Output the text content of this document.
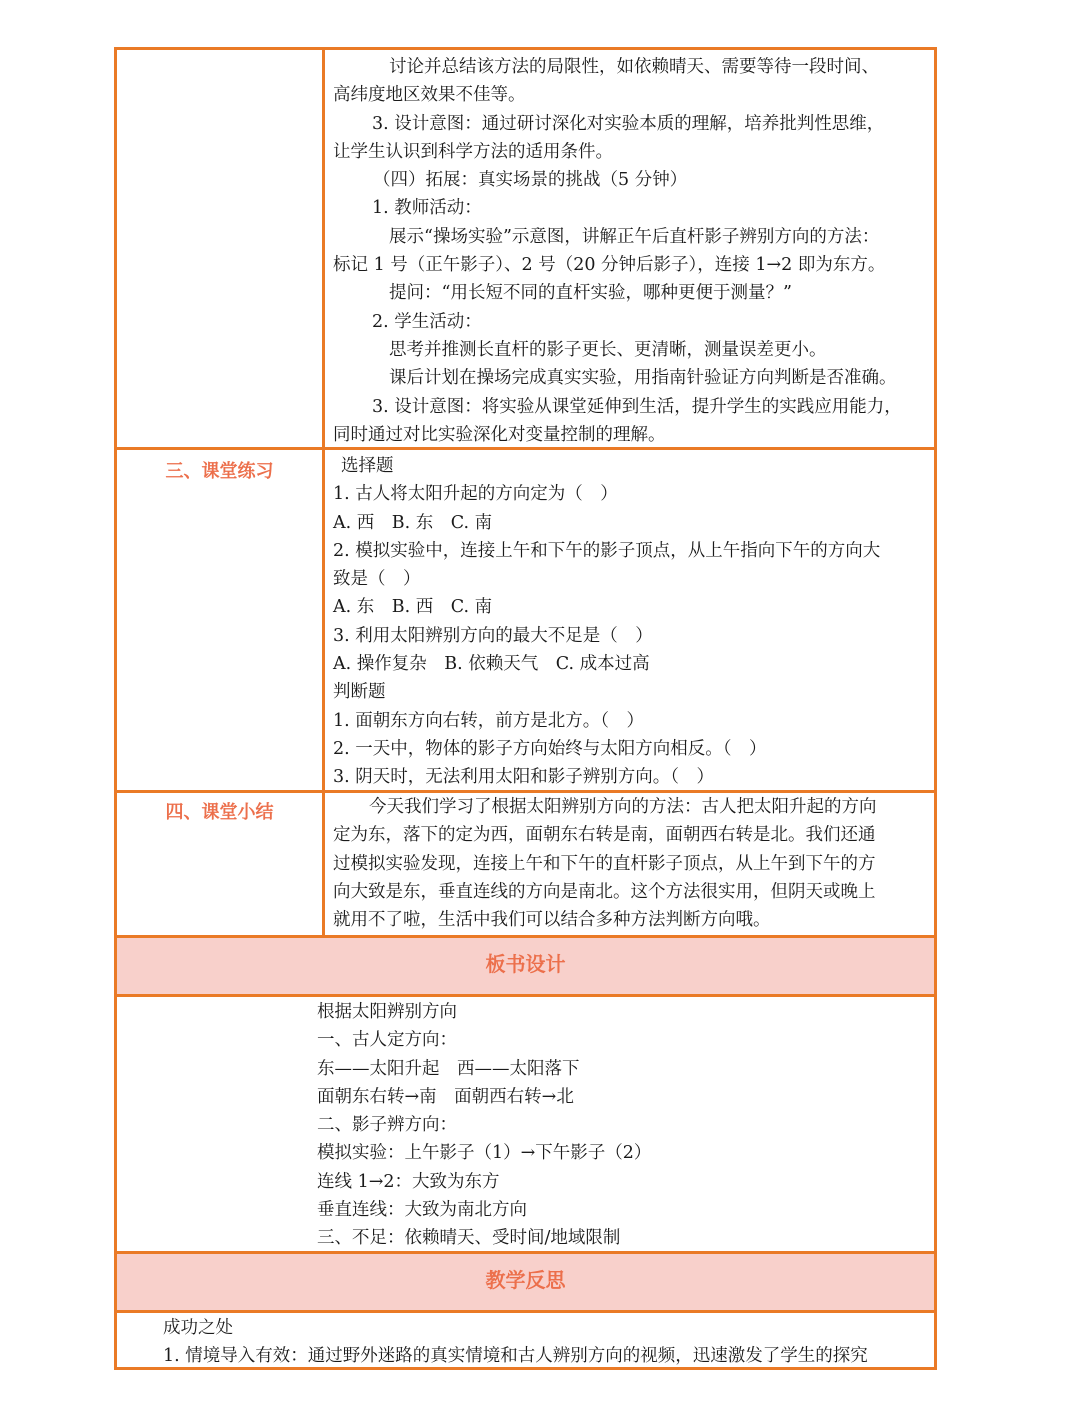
讨论并总结该方法的局限性，如依赖晴天、需要等待一段时间、

高纬度地区效果不佳等。

3. 设计意图：通过研讨深化对实验本质的理解，培养批判性思维，

让学生认识到科学方法的适用条件。

（四）拓展：真实场景的挑战（5 分钟）

1. 教师活动：

展示“操场实验”示意图，讲解正午后直杆影子辨别方向的方法：

标记 1 号（正午影子）、2 号（20 分钟后影子），连接 1→2 即为东方。

提问：“用长短不同的直杆实验，哪种更便于测量？”

2. 学生活动：

思考并推测长直杆的影子更长、更清晰，测量误差更小。

课后计划在操场完成真实实验，用指南针验证方向判断是否准确。

3. 设计意图：将实验从课堂延伸到生活，提升学生的实践应用能力，

同时通过对比实验深化对变量控制的理解。

三、课堂练习	选择题

1. 古人将太阳升起的方向定为（　）

A. 西　B. 东　C. 南

2. 模拟实验中，连接上午和下午的影子顶点，从上午指向下午的方向大

致是（　）

A. 东　B. 西　C. 南

3. 利用太阳辨别方向的最大不足是（　）

A. 操作复杂　B. 依赖天气　C. 成本过高

判断题

1. 面朝东方向右转，前方是北方。（　）

2. 一天中，物体的影子方向始终与太阳方向相反。（　）

3. 阴天时，无法利用太阳和影子辨别方向。（　）

四、课堂小结	今天我们学习了根据太阳辨别方向的方法：古人把太阳升起的方向

定为东，落下的定为西，面朝东右转是南，面朝西右转是北。我们还通

过模拟实验发现，连接上午和下午的直杆影子顶点，从上午到下午的方

向大致是东，垂直连线的方向是南北。这个方法很实用，但阴天或晚上

就用不了啦，生活中我们可以结合多种方法判断方向哦。

板书设计

根据太阳辨别方向

一、古人定方向：

东——太阳升起　西——太阳落下

面朝东右转→南　面朝西右转→北

二、影子辨方向：

模拟实验：上午影子（1）→下午影子（2）

连线 1→2：大致为东方

垂直连线：大致为南北方向

三、不足：依赖晴天、受时间/地域限制

教学反思

成功之处

1. 情境导入有效：通过野外迷路的真实情境和古人辨别方向的视频，迅速激发了学生的探究
